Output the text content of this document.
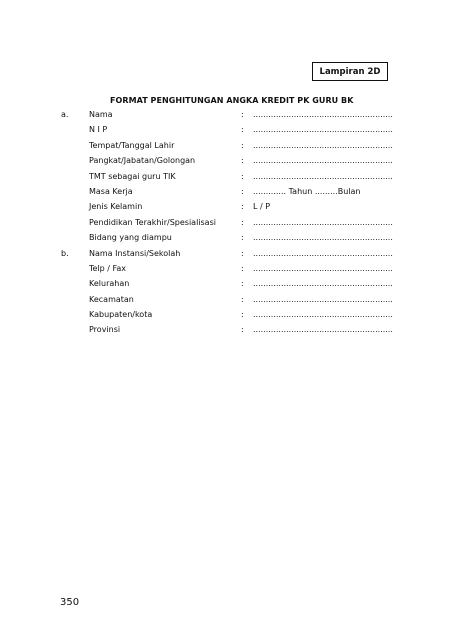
Lampiran 2D
FORMAT PENGHITUNGAN ANGKA KREDIT PK GURU BK
a.	Nama	: .......................................................
N I P	: .......................................................
Tempat/Tanggal Lahir	: .......................................................
Pangkat/Jabatan/Golongan	: .......................................................
TMT sebagai guru TIK	: .......................................................
Masa Kerja	: ............. Tahun .........Bulan
Jenis Kelamin	: L / P
Pendidikan Terakhir/Spesialisasi	: .......................................................
Bidang yang diampu	: .......................................................
b.	Nama Instansi/Sekolah	: .......................................................
Telp / Fax	: .......................................................
Kelurahan	: .......................................................
Kecamatan	: .......................................................
Kabupaten/kota	: .......................................................
Provinsi	: .......................................................
350
